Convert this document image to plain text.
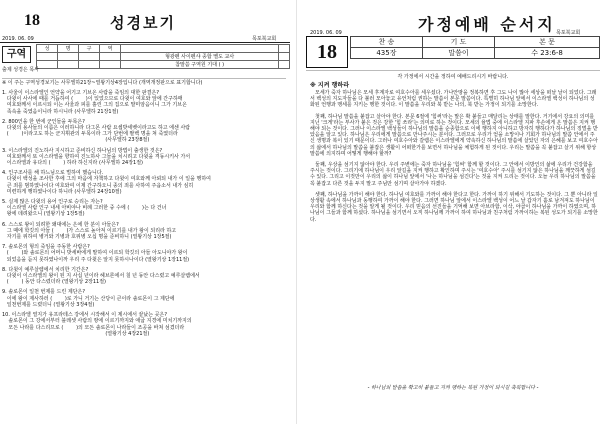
18	성경보기
2019. 06. 09	목포북교회
구역	성	명	구	역		
				형광펜 사이펜샤 종합 멜도 교사	
				참말씀 구역원 기대 ( )	
출제 성경은 목사
※ 이 주는 구역성경보기는 사무엘하21장~열왕기상4장입니다 (개역개정판으로 표기합니다)
1. 사울이 이스라엘인 언약을 어기고 기브온 사람을 죽임의 대한 판결은?
다윗이 사사에 때를 거듭하여 (        )이 있었으므로 다윗이 여호와 앞에 간구하매
여호와께서 이르시되 이는 사울과 피를 흘린 그의 집으로 말미암음이니 그가 기브온
족속을 죽였음이니라 하시니라 (사무엘하 21장1절)
2. 800인을 한 번에 군인들을 두목은?
다윗의 용사들의 이름은 이러하니라 다그몬 사람 요셉밧세벳이라고도 하고 에센 사람
(        )이라고도 하는 군지휘관의 두목이라 그가 단번에 팔백 명을 쳐 죽였더라
(사무엘하 23장8절)
3. 이스라엘의 진노하사 지시하고 준비하신 하나님의 방법이 출생한 것은?
여호와께서 또 이스라엘을 향하여 진노하사 그들을 치시려고 다윗을 격동시키사 가서
이스라엘과 유다의 (        ) 하라 하신지라 (사무엘하 24장1절)
4. 인구조사를 해 하느님으로 벌하여 했습니다.
다윗이 백성을 조사한 후에 그의 마음에 자책하고 다윗이 여호와께 아뢰되 내가 이 일을 행하여
큰 죄를 범하였나이다 여호와여 이제 간구하오니 종의 죄를 사하여 주옵소서 내가 심히
미련하게 행하였나이다 하니라 (사무엘하 24장10절)
5. 실제 많은 다윗의 용어 인구로 승리는 자는?
이스라엘 사람 인구 내세 아비야나 비례 그러한 중 수에 (        )는 다 건너
왕에 데려왔으니 (열왕기상 1장5절)
6. 스스로 왕이 되려한 왜대에는 은에 한 분이 아들은?
그 때에 학깃의 아들 (        )가 스스로 높아져 이르기를 내가 왕이 되리라 하고
자기를 위하여 병거와 기병과 호위병 오십 명을 준비하니 (열왕기상 1장5절)
7. 솔로몬의 형의 죽임을 주동한 사람은?
(        )와 솔로몬의 어머니 밧세바에게 말하여 이르되 학깃의 아들 아도니야가 왕이
되었음을 듣지 못하였나이까 우리 주 다윗은 알지 못하시나이다 (열왕기상 1장11절)
8. 다윗이 예루살렘에서 치리한 기간은?
다윗이 이스라엘의 왕이 된 지 사십 년이라 헤브론에서 칠 년 동안 다스렸고 예루살렘에서
(        ) 동안 다스렸더라 (열왕기상 2장11절)
9. 솔로몬이 일천 번제를 드린 제단은?
이에 왕이 제사하러 (        )로 가니 거기는 산당이 큰이라 솔로몬이 그 제단에
일천번제를 드렸더니 (열왕기상 3장4절)
10. 이스라엘 열지가 유프라테스 강에서 시작해서 이 제시에서 끝났는 곳은?
솔로몬이 그 강에서부터 블레셋 사람의 땅에 이르기까지와 애굽 지경에 미치기까지의
모든 나라를 다스리므로 (        )의 모든 솔로몬이 나라들이 조공을 바쳐 섬겼더라
(열왕기상 4장21절)
2019. 06. 09	가정예배 순서지 목포북교회
18	찬 송	기 도	본 문
435장	말씀이	수 23:6-8
각 가정에서 시간을 정하여 예배드리시기 바랍니다.
※ 지켜 행하라

모세가 죽자 하나님은 모세 후계자로 여호수아를 세우셨다. 가나안땅을 정복하면 후 그도 나이 많아 세상을 떠날 날이 되었다. 그래서 백성의 지도자들을 다 불러 모아놓고 유언처럼 권하는 말씀이 본문 말씀이다. 특별히 하나님 앞에서 이스라엘 백성이 하나님의 성화된 언행과 맹세를 지키는 행한 것이다. 이 말씀을 우리와 북 받는 나의, 북 받는 가정이 되기를 소망한다.

첫째, 하나님 말씀을 붙잡고 살아야 한다. 본문 6절에 '힘써'라는 말은 확 붙들고 매달리는 상태를 말한다. 거기에서 강요의 의미를 지닌 '크게'라는 부사가 붙은 것은 강한 '힘 쓰라'는 의미로 하는 것이다. 모세의 율법 중에 이스라엘 지파 후손에게 온 말씀은 지켜 행해야 되는 것이다. 그러나 이스라엘 백성들이 하나님의 말씀을 순종함으로 이에 행하지 아니하고 방자히 행하다가 하나님의 징벌을 받았음을 알고 있다. 하나님은 우리에게 말씀으로 만나주시는 분이다. 그러므로 우리가 얻을 소망이나 기회가 하나님의 말씀 안에서 주신 생명과 복이 있기 때문이다. 그러나 여호수아와 갈렙은 이스라엘에게 약속하신 하나님의 말씀에 살았던 자의 은혜를 보고 여호수아의 삶에서 하나님의 말씀을 붙잡은 생활이 어떠한가를 보면서 하나님을 체험하게 된 것이다. 우리는 말씀을 꼭 붙잡고 살기 위해 항상 말씀에 의지하며 어떻게 행해야 할까?

둘째, 우상을 섬기지 않아야 한다. 우리 주변에는 죽자 하나님을 '힘써' 함께 할 것이다. 그 안에서 이방인의 삶에 우리가 건강함을 주시는 것이다. 그리기에 하나님이 우리 앞길을 지켜 행하고 확인하며 주시는 '여호수아' 주시를 섬기지 않은 하나님을 깨끗하게 섬길 수 있다. 그리고 이것만이 우리의 삶이 하나님 앞에서 '나는 하나님을 섬긴다'는 것을 지켜 드리는 것이다. 오늘 우리 하나님의 말씀을 꼭 붙잡고 다른 것을 두지 말고 주님만 섬기며 살아가야 하겠다.

셋째, 하나님을 가까이 해야 한다. 하나님 여호와를 가까이 해야 한다고 한다. 가까이 하기 위해서 기도하는 것이다. 그 뿐 아니라 일상생활 속에서 하나님과 동행하여 가까이 해야 한다. 그러면 하나님 앞에서 이스라엘 백성이 어느 날 갑자기 홀로 남겨져도 하나님이 우리와 함께 하신다는 것을 알게 될 것이다. 우리 믿음의 선진들을 기억해 보면 아브라함, 이삭, 야곱이 하나님을 가까이 하였으며, 하나님이 그들과 함께 하셨다. 하나님을 섬기면서 오직 하나님께 가까이 하여 하나님과 친구처럼 가까이하는 복된 성도가 되기를 소망한다.

- 하나님의 말씀을 확고히 붙들고 지켜 행하는 복된 가정이 되시길 축복합니다 -
